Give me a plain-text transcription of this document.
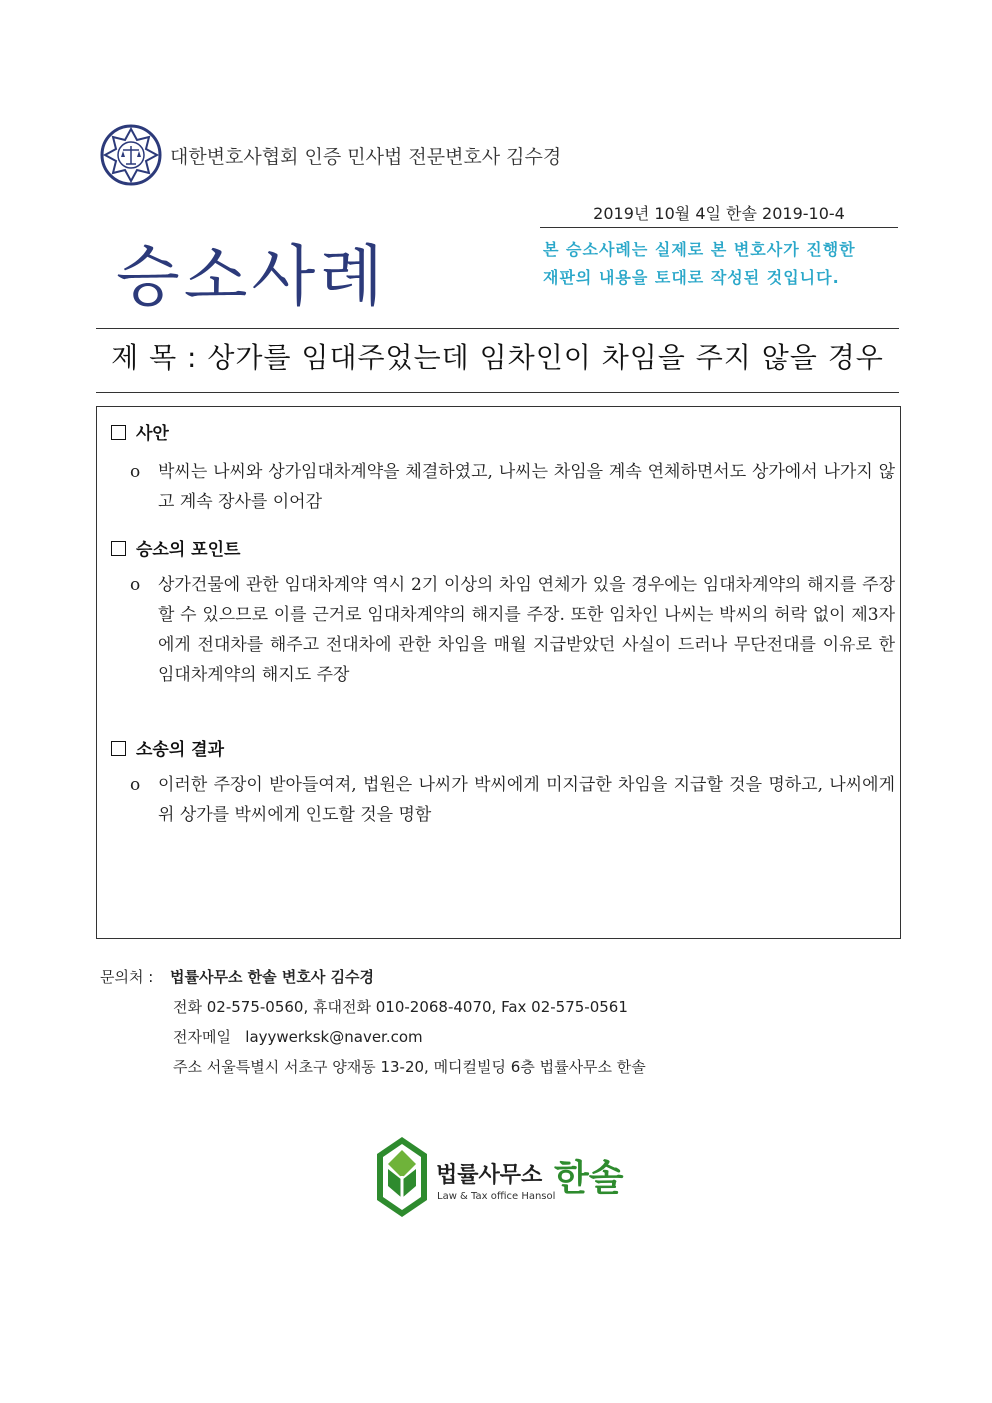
대한변호사협회 인증 민사법 전문변호사 김수경
2019년 10월 4일 한솔 2019-10-4
승소사례	본 승소사례는 실제로 본 변호사가 진행한 재판의 내용을 토대로 작성된 것입니다.
제 목 : 상가를 임대주었는데 임차인이 차임을 주지 않을 경우
사안
ο 박씨는 나씨와 상가임대차계약을 체결하였고, 나씨는 차임을 계속 연체하면서도 상가에서 나가지 않고 계속 장사를 이어감
승소의 포인트
ο 상가건물에 관한 임대차계약 역시 2기 이상의 차임 연체가 있을 경우에는 임대차계약의 해지를 주장할 수 있으므로 이를 근거로 임대차계약의 해지를 주장. 또한 임차인 나씨는 박씨의 허락 없이 제3자에게 전대차를 해주고 전대차에 관한 차임을 매월 지급받았던 사실이 드러나 무단전대를 이유로 한 임대차계약의 해지도 주장
소송의 결과
ο 이러한 주장이 받아들여져, 법원은 나씨가 박씨에게 미지급한 차임을 지급할 것을 명하고, 나씨에게 위 상가를 박씨에게 인도할 것을 명함
문의처 : 법률사무소 한솔 변호사 김수경
전화 02-575-0560, 휴대전화 010-2068-4070, Fax 02-575-0561
전자메일 layywerksk@naver.com
주소 서울특별시 서초구 양재동 13-20, 메디컬빌딩 6층 법률사무소 한솔
법률사무소 한솔
Law & Tax office Hansol
